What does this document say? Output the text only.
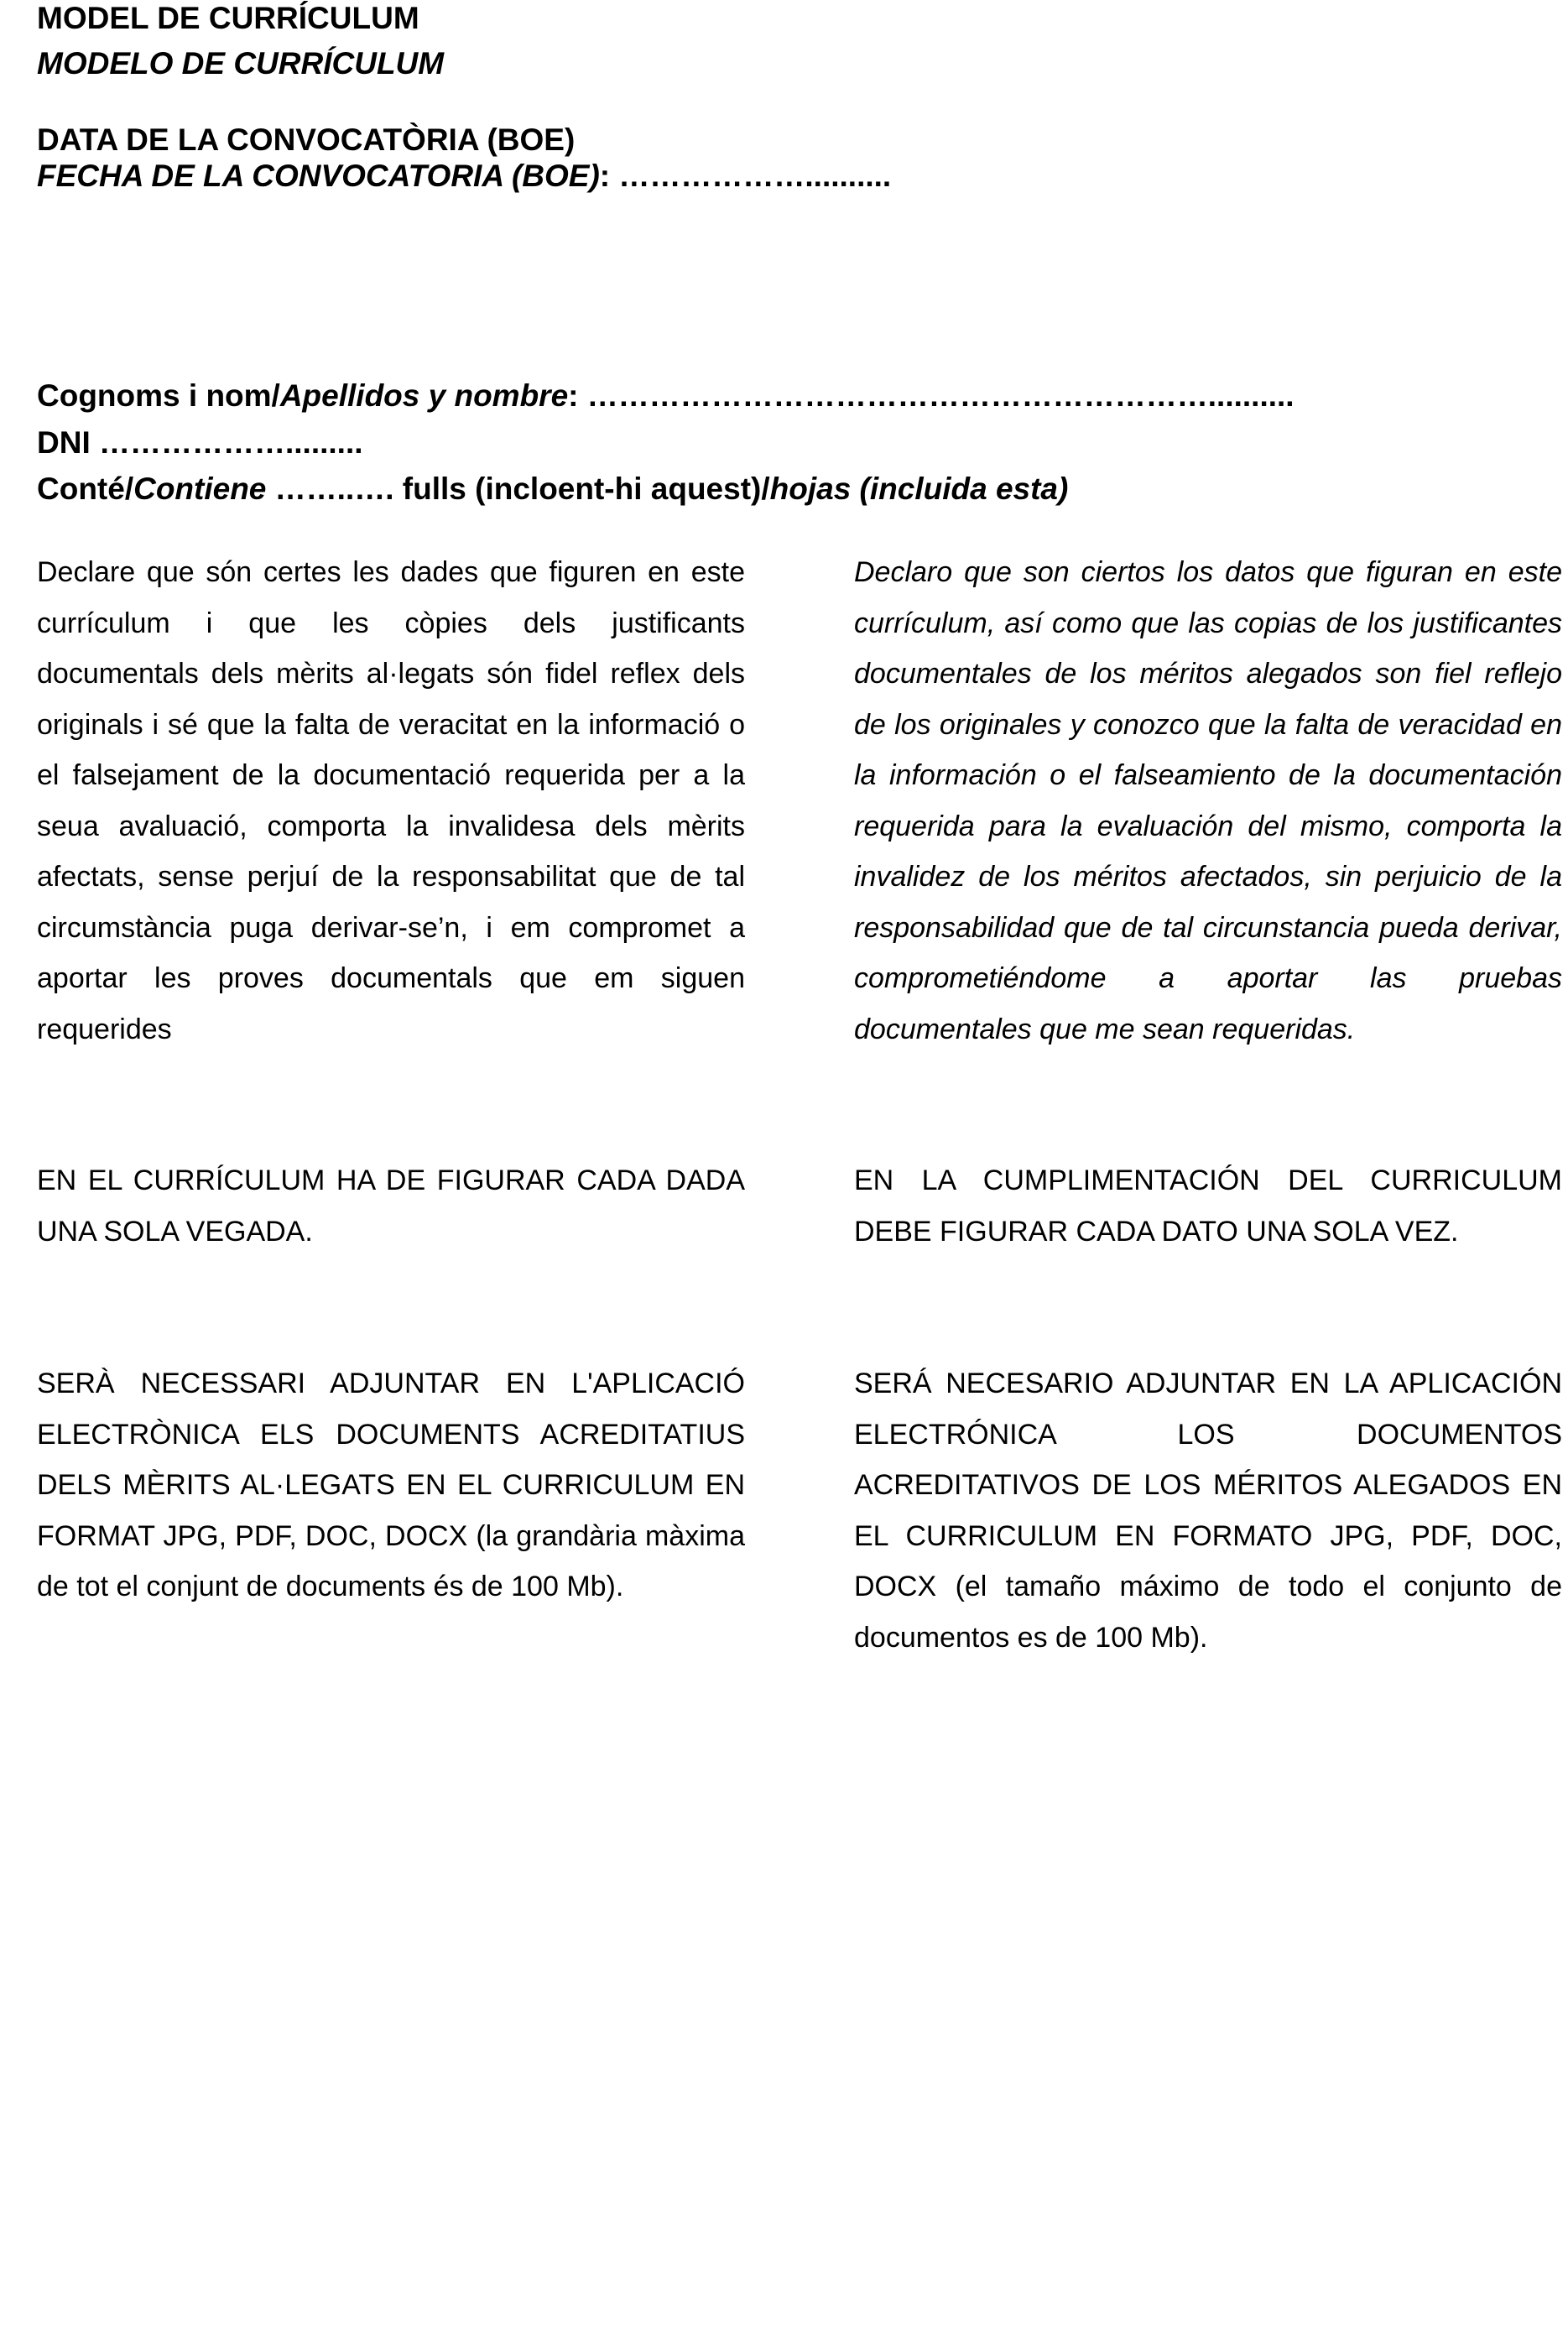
MODEL DE CURRÍCULUM
MODELO DE CURRÍCULUM
DATA DE LA CONVOCATÒRIA (BOE)
FECHA DE LA CONVOCATORIA (BOE): ………………..........
Cognoms i nom/Apellidos y nombre: ……………………………………………………..........
DNI ……………….........
Conté/Contiene ……..…. fulls (incloent-hi aquest)/hojas (incluida esta)
Declare que són certes les dades que figuren en este currículum i que les còpies dels justificants documentals dels mèrits al·legats són fidel reflex dels originals i sé que la falta de veracitat en la informació o el falsejament de la documentació requerida per a la seua avaluació, comporta la invalidesa dels mèrits afectats, sense perjuí de la responsabilitat que de tal circumstància puga derivar-se’n, i em compromet a aportar les proves documentals que em siguen requerides
Declaro que son ciertos los datos que figuran en este currículum, así como que las copias de los justificantes documentales de los méritos alegados son fiel reflejo de los originales y conozco que la falta de veracidad en la información o el falseamiento de la documentación requerida para la evaluación del mismo, comporta la invalidez de los méritos afectados, sin perjuicio de la responsabilidad que de tal circunstancia pueda derivar, comprometiéndome a aportar las pruebas documentales que me sean requeridas.
EN EL CURRÍCULUM HA DE FIGURAR CADA DADA UNA SOLA VEGADA.
EN LA CUMPLIMENTACIÓN DEL CURRICULUM DEBE FIGURAR CADA DATO UNA SOLA VEZ.
SERÀ NECESSARI ADJUNTAR EN L'APLICACIÓ ELECTRÒNICA ELS DOCUMENTS ACREDITATIUS DELS MÈRITS AL·LEGATS EN EL CURRICULUM EN FORMAT JPG, PDF, DOC, DOCX (la grandària màxima de tot el conjunt de documents és de 100 Mb).
SERÁ NECESARIO ADJUNTAR EN LA APLICACIÓN ELECTRÓNICA LOS DOCUMENTOS ACREDITATIVOS DE LOS MÉRITOS ALEGADOS EN EL CURRICULUM EN FORMATO JPG, PDF, DOC, DOCX (el tamaño máximo de todo el conjunto de documentos es de 100 Mb).
